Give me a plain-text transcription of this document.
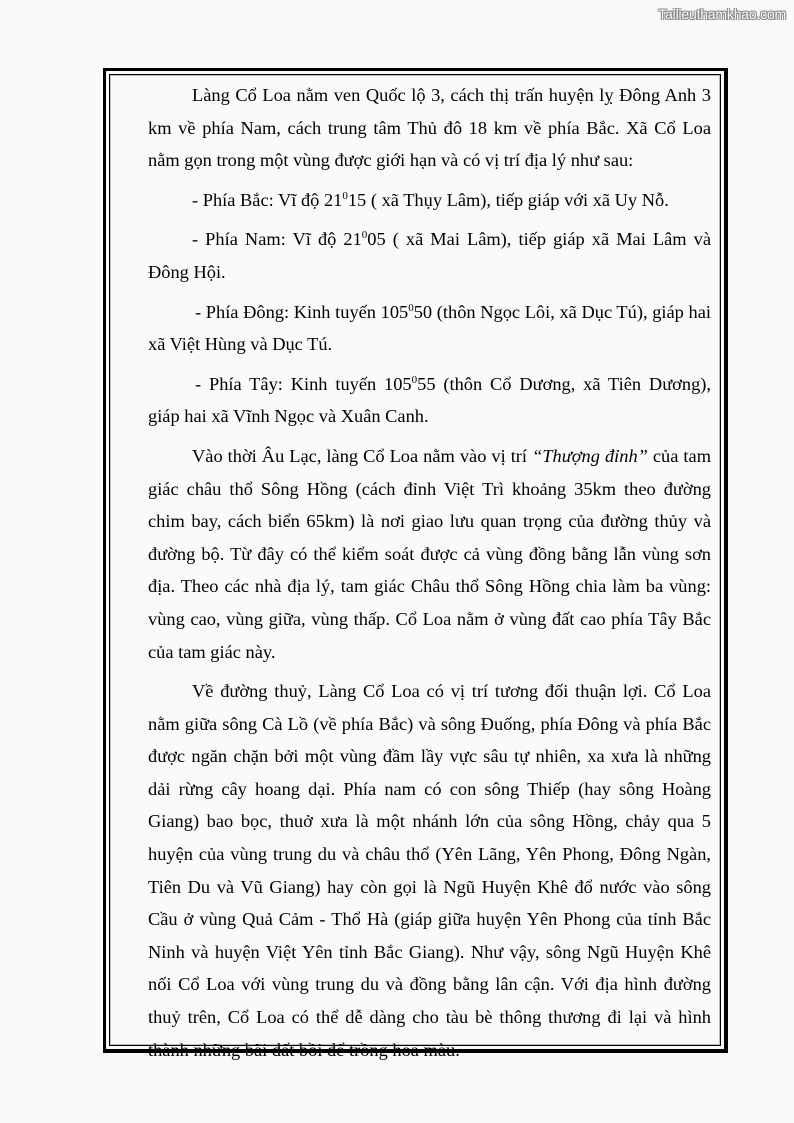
Tailieuthamkhao.com

Làng Cổ Loa nằm ven Quốc lộ 3, cách thị trấn huyện lỵ Đông Anh 3 km về phía Nam, cách trung tâm Thủ đô 18 km về phía Bắc. Xã Cổ Loa nằm gọn trong một vùng được giới hạn và có vị trí địa lý như sau:

- Phía Bắc: Vĩ độ $21^015$ ( xã Thụy Lâm), tiếp giáp với xã Uy Nỗ.

- Phía Nam: Vĩ độ $21^005$ ( xã Mai Lâm), tiếp giáp xã Mai Lâm và Đông Hội.

- Phía Đông: Kinh tuyến $105^050$ (thôn Ngọc Lôi, xã Dục Tú), giáp hai xã Việt Hùng và Dục Tú.

- Phía Tây: Kinh tuyến $105^055$ (thôn Cổ Dương, xã Tiên Dương), giáp hai xã Vĩnh Ngọc và Xuân Canh.

Vào thời Âu Lạc, làng Cổ Loa nằm vào vị trí “Thượng đỉnh” của tam giác châu thổ Sông Hồng (cách đỉnh Việt Trì khoảng 35km theo đường chim bay, cách biển 65km) là nơi giao lưu quan trọng của đường thủy và đường bộ. Từ đây có thể kiểm soát được cả vùng đồng bằng lẫn vùng sơn địa. Theo các nhà địa lý, tam giác Châu thổ Sông Hồng chia làm ba vùng: vùng cao, vùng giữa, vùng thấp. Cổ Loa nằm ở vùng đất cao phía Tây Bắc của tam giác này.

Về đường thuỷ, Làng Cổ Loa có vị trí tương đối thuận lợi. Cổ Loa nằm giữa sông Cà Lồ (về phía Bắc) và sông Đuống, phía Đông và phía Bắc được ngăn chặn bởi một vùng đầm lầy vực sâu tự nhiên, xa xưa là những dải rừng cây hoang dại. Phía nam có con sông Thiếp (hay sông Hoàng Giang) bao bọc, thuở xưa là một nhánh lớn của sông Hồng, chảy qua 5 huyện của vùng trung du và châu thổ (Yên Lãng, Yên Phong, Đông Ngàn, Tiên Du và Vũ Giang) hay còn gọi là Ngũ Huyện Khê đổ nước vào sông Cầu ở vùng Quả Cảm - Thổ Hà (giáp giữa huyện Yên Phong của tỉnh Bắc Ninh và huyện Việt Yên tỉnh Bắc Giang). Như vậy, sông Ngũ Huyện Khê nối Cổ Loa với vùng trung du và đồng bằng lân cận. Với địa hình đường thuỷ trên, Cổ Loa có thể dễ dàng cho tàu bè thông thương đi lại và hình thành những bãi đất bồi để trồng hoa màu.
